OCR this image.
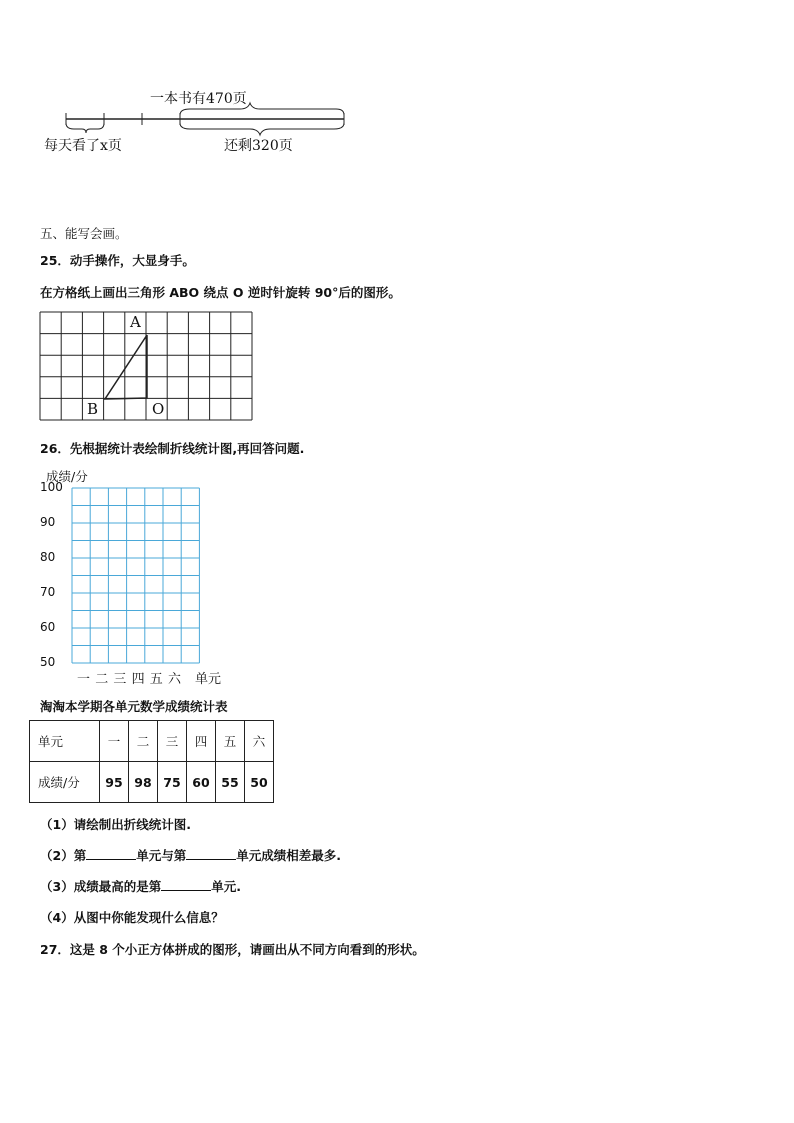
一本书有470页
每天看了x页	还剩320页
五、能写会画。
25．动手操作，大显身手。
在方格纸上画出三角形 ABO 绕点 O 逆时针旋转 90°后的图形。
A
B	O
26．先根据统计表绘制折线统计图,再回答问题.
成绩/分
100
90
80
70
60
50
一 二 三 四 五 六 单元
淘淘本学期各单元数学成绩统计表
单元	一	二	三	四	五	六
成绩/分	95	98	75	60	55	50
（1）请绘制出折线统计图.
（2）第	单元与第	单元成绩相差最多.
（3）成绩最高的是第	单元.
（4）从图中你能发现什么信息？
27．这是 8 个小正方体拼成的图形，请画出从不同方向看到的形状。
